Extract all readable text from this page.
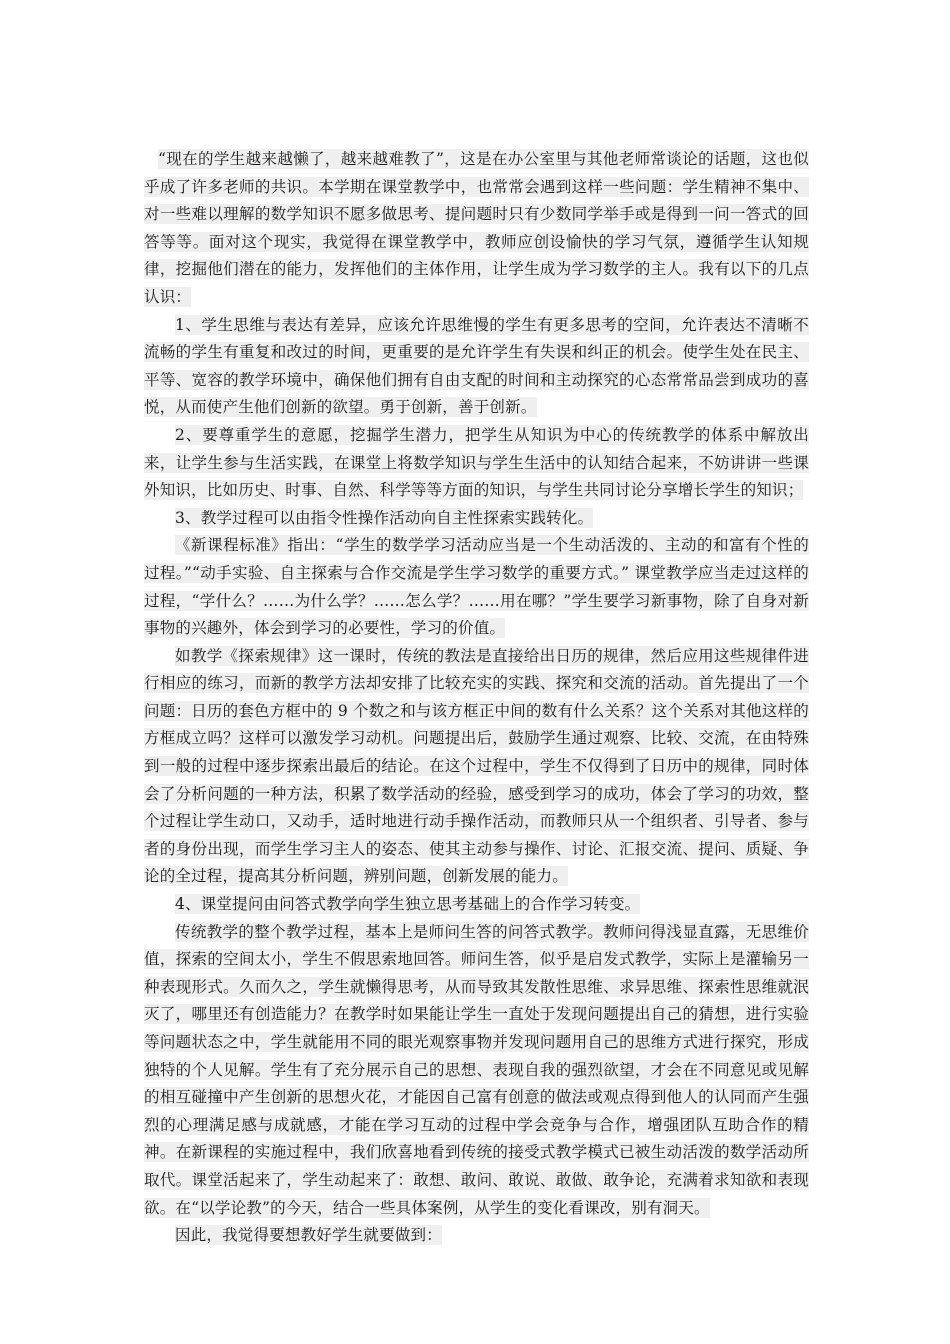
“现在的学生越来越懒了，越来越难教了”，这是在办公室里与其他老师常谈论的话题，这也似乎成了许多老师的共识。本学期在课堂教学中，也常常会遇到这样一些问题：学生精神不集中、对一些难以理解的数学知识不愿多做思考、提问题时只有少数同学举手或是得到一问一答式的回答等等。面对这个现实，我觉得在课堂教学中，教师应创设愉快的学习气氛，遵循学生认知规律，挖掘他们潜在的能力，发挥他们的主体作用，让学生成为学习数学的主人。我有以下的几点认识：

1、学生思维与表达有差异，应该允许思维慢的学生有更多思考的空间，允许表达不清晰不流畅的学生有重复和改过的时间，更重要的是允许学生有失误和纠正的机会。使学生处在民主、平等、宽容的教学环境中，确保他们拥有自由支配的时间和主动探究的心态常常品尝到成功的喜悦，从而使产生他们创新的欲望。勇于创新，善于创新。

2、要尊重学生的意愿，挖掘学生潜力，把学生从知识为中心的传统教学的体系中解放出来，让学生参与生活实践，在课堂上将数学知识与学生生活中的认知结合起来，不妨讲讲一些课外知识，比如历史、时事、自然、科学等等方面的知识，与学生共同讨论分享增长学生的知识；

3、教学过程可以由指令性操作活动向自主性探索实践转化。

《新课程标准》指出：“学生的数学学习活动应当是一个生动活泼的、主动的和富有个性的过程。”“动手实验、自主探索与合作交流是学生学习数学的重要方式。” 课堂教学应当走过这样的过程，“学什么？……为什么学？……怎么学？……用在哪？”学生要学习新事物，除了自身对新事物的兴趣外，体会到学习的必要性，学习的价值。

如教学《探索规律》这一课时，传统的教法是直接给出日历的规律，然后应用这些规律件进行相应的练习，而新的教学方法却安排了比较充实的实践、探究和交流的活动。首先提出了一个问题：日历的套色方框中的 9 个数之和与该方框正中间的数有什么关系？这个关系对其他这样的方框成立吗？这样可以激发学习动机。问题提出后，鼓励学生通过观察、比较、交流，在由特殊到一般的过程中逐步探索出最后的结论。在这个过程中，学生不仅得到了日历中的规律，同时体会了分析问题的一种方法，积累了数学活动的经验，感受到学习的成功，体会了学习的功效，整个过程让学生动口，又动手，适时地进行动手操作活动，而教师只从一个组织者、引导者、参与者的身份出现，而学生学习主人的姿态、使其主动参与操作、讨论、汇报交流、提问、质疑、争论的全过程，提高其分析问题，辨别问题，创新发展的能力。

4、课堂提问由问答式教学向学生独立思考基础上的合作学习转变。

传统教学的整个教学过程，基本上是师问生答的问答式教学。教师问得浅显直露，无思维价值，探索的空间太小，学生不假思索地回答。师问生答，似乎是启发式教学，实际上是灌输另一种表现形式。久而久之，学生就懒得思考，从而导致其发散性思维、求异思维、探索性思维就泯灭了，哪里还有创造能力？在教学时如果能让学生一直处于发现问题提出自己的猜想，进行实验等问题状态之中，学生就能用不同的眼光观察事物并发现问题用自己的思维方式进行探究，形成独特的个人见解。学生有了充分展示自己的思想、表现自我的强烈欲望，才会在不同意见或见解的相互碰撞中产生创新的思想火花，才能因自己富有创意的做法或观点得到他人的认同而产生强烈的心理满足感与成就感，才能在学习互动的过程中学会竞争与合作，增强团队互助合作的精神。在新课程的实施过程中，我们欣喜地看到传统的接受式教学模式已被生动活泼的数学活动所取代。课堂活起来了，学生动起来了：敢想、敢问、敢说、敢做、敢争论，充满着求知欲和表现欲。在“以学论教”的今天，结合一些具体案例，从学生的变化看课改，别有洞天。

因此，我觉得要想教好学生就要做到：
